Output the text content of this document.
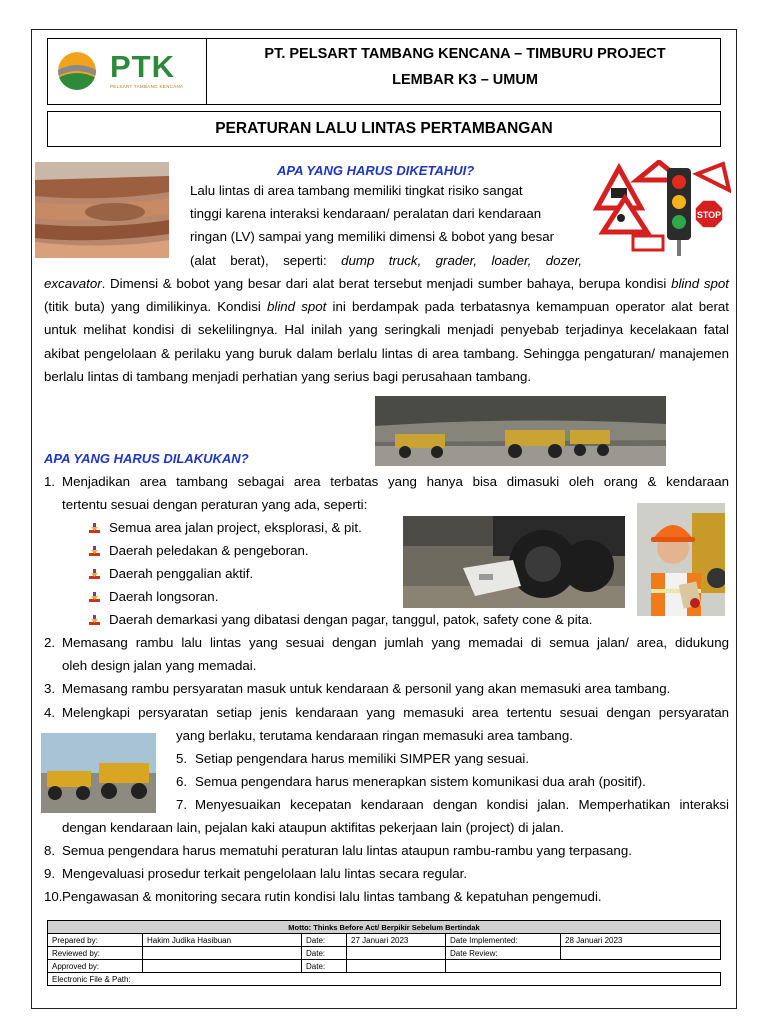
PTK
PELSART TAMBANG KENCANA
PT. PELSART TAMBANG KENCANA – TIMBURU PROJECT
LEMBAR K3 – UMUM
PERATURAN LALU LINTAS PERTAMBANGAN
APA YANG HARUS DIKETAHUI?
STOP
Lalu lintas di area tambang memiliki tingkat risiko sangat
tinggi karena interaksi kendaraan/ peralatan dari kendaraan
ringan (LV) sampai yang memiliki dimensi & bobot yang besar
(alat berat), seperti: dump truck, grader, loader, dozer,
excavator. Dimensi & bobot yang besar dari alat berat tersebut menjadi sumber bahaya, berupa kondisi blind spot (titik buta) yang dimilikinya. Kondisi blind spot ini berdampak pada terbatasnya kemampuan operator alat berat untuk melihat kondisi di sekelilingnya. Hal inilah yang seringkali menjadi penyebab terjadinya kecelakaan fatal akibat pengelolaan & perilaku yang buruk dalam berlalu lintas di area tambang. Sehingga pengaturan/ manajemen berlalu lintas di tambang menjadi perhatian yang serius bagi perusahaan tambang.
APA YANG HARUS DILAKUKAN?
1. Menjadikan area tambang sebagai area terbatas yang hanya bisa dimasuki oleh orang & kendaraan
tertentu sesuai dengan peraturan yang ada, seperti:
Semua area jalan project, eksplorasi, & pit.
Daerah peledakan & pengeboran.
Daerah penggalian aktif.
Daerah longsoran.
Daerah demarkasi yang dibatasi dengan pagar, tanggul, patok, safety cone & pita.
2. Memasang rambu lalu lintas yang sesuai dengan jumlah yang memadai di semua jalan/ area, didukung
oleh design jalan yang memadai.
3. Memasang rambu persyaratan masuk untuk kendaraan & personil yang akan memasuki area tambang.
4. Melengkapi persyaratan setiap jenis kendaraan yang memasuki area tertentu sesuai dengan persyaratan
yang berlaku, terutama kendaraan ringan memasuki area tambang.
5. Setiap pengendara harus memiliki SIMPER yang sesuai.
6. Semua pengendara harus menerapkan sistem komunikasi dua arah (positif).
7. Menyesuaikan kecepatan kendaraan dengan kondisi jalan. Memperhatikan interaksi
dengan kendaraan lain, pejalan kaki ataupun aktifitas pekerjaan lain (project) di jalan.
8. Semua pengendara harus mematuhi peraturan lalu lintas ataupun rambu-rambu yang terpasang.
9. Mengevaluasi prosedur terkait pengelolaan lalu lintas secara regular.
10. Pengawasan & monitoring secara rutin kondisi lalu lintas tambang & kepatuhan pengemudi.
Motto: Thinks Before Act/ Berpikir Sebelum Bertindak					
Prepared by:	Hakim Judika Hasibuan	Date:	27 Januari 2023	Date Implemented:	28 Januari 2023
Reviewed by:		Date:		Date Review:	
Approved by:		Date:			
Electronic File & Path:					
